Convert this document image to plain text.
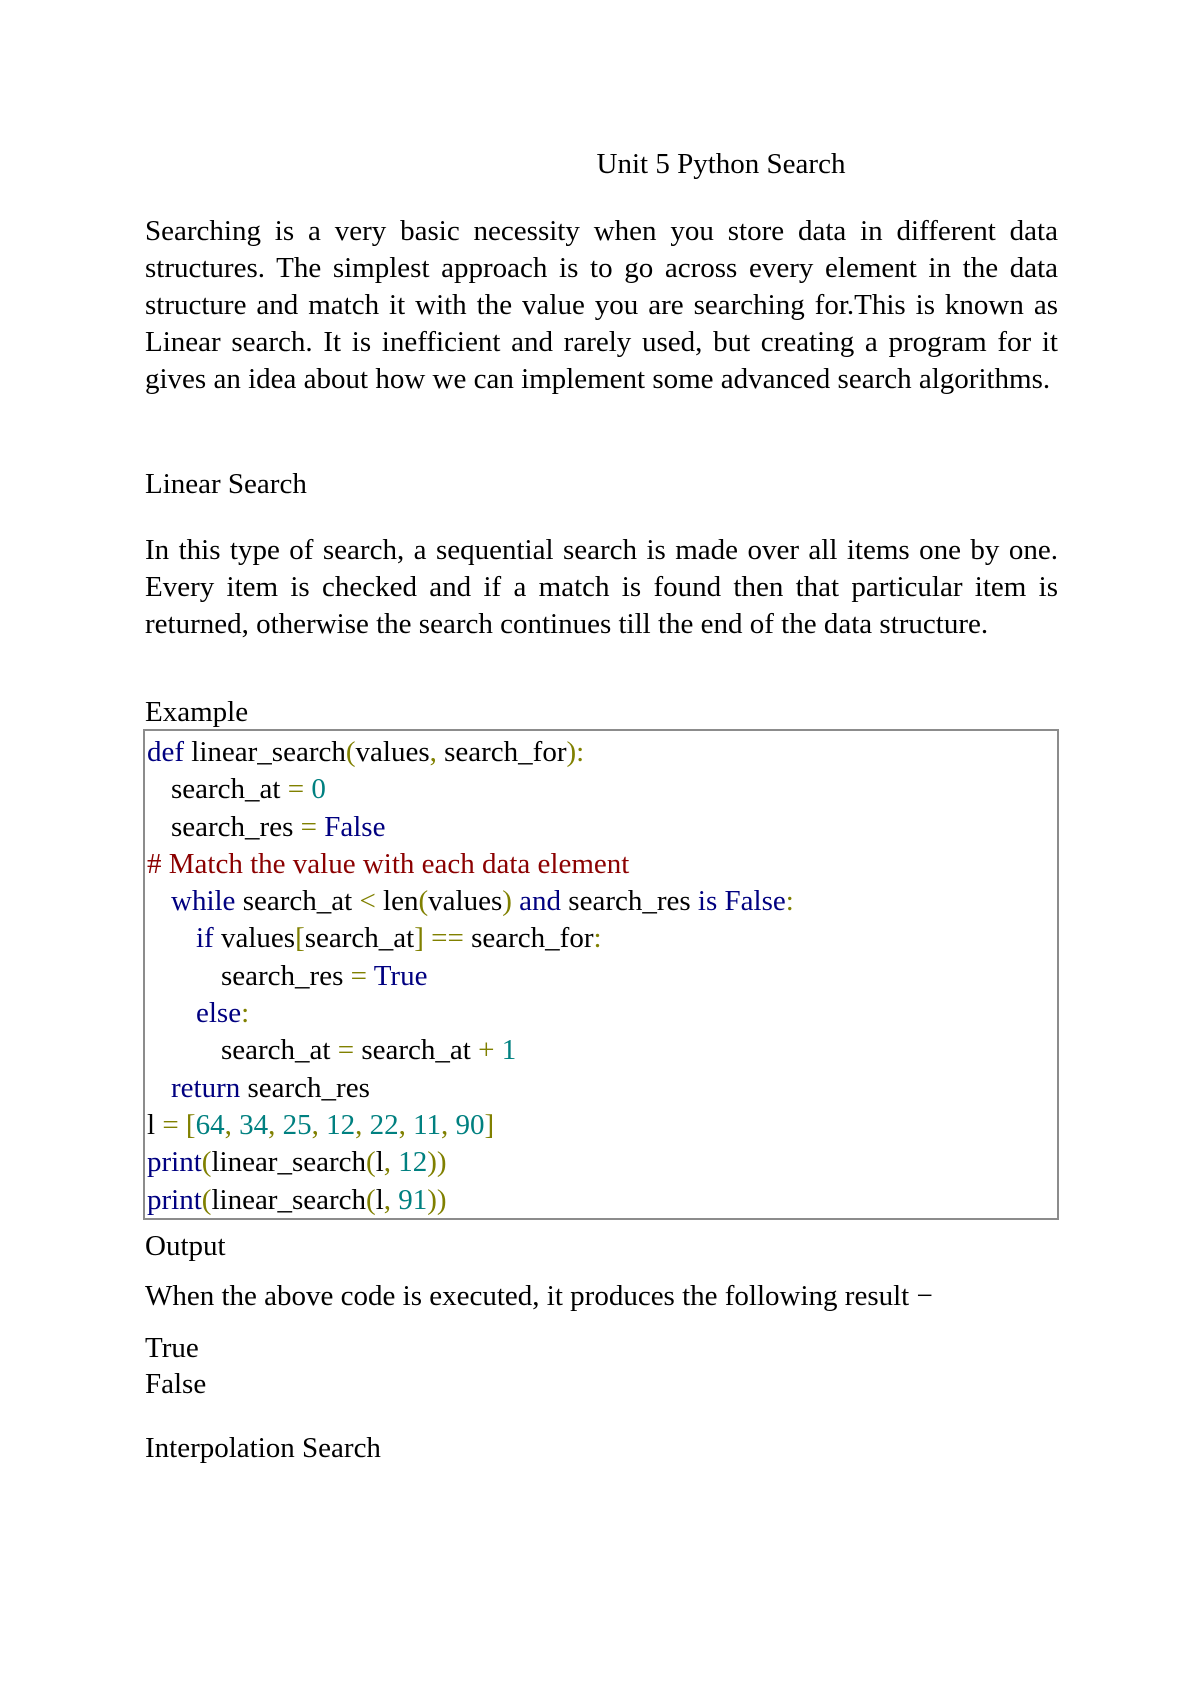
Unit 5 Python Search
Searching is a very basic necessity when you store data in different data structures. The simplest approach is to go across every element in the data structure and match it with the value you are searching for.This is known as Linear search. It is inefficient and rarely used, but creating a program for it gives an idea about how we can implement some advanced search algorithms.
Linear Search
In this type of search, a sequential search is made over all items one by one. Every item is checked and if a match is found then that particular item is returned, otherwise the search continues till the end of the data structure.
Example
def linear_search(values, search_for):
search_at = 0
search_res = False
# Match the value with each data element
while search_at < len(values) and search_res is False:
if values[search_at] == search_for:
search_res = True
else:
search_at = search_at + 1
return search_res
l = [64, 34, 25, 12, 22, 11, 90]
print(linear_search(l, 12))
print(linear_search(l, 91))
Output
When the above code is executed, it produces the following result −
True
False
Interpolation Search
